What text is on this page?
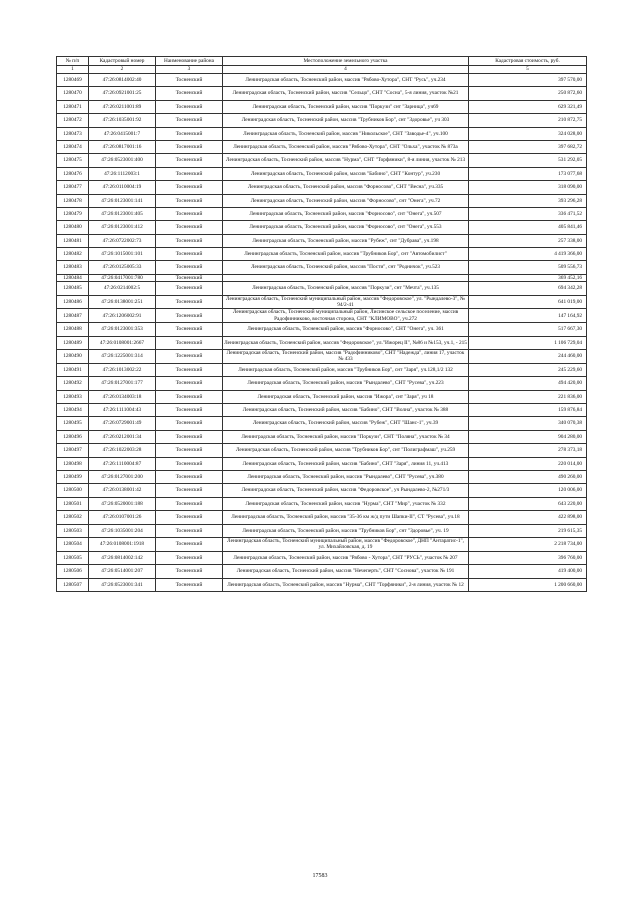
№ п/п	Кадастровый номер	Наименование района	Местоположение земельного участка	Кадастровая стоимость, руб.
1	2	3	4	5
1280469	47:26:0814002:40	Тосненский	Ленинградская область, Тосненский район, массив "Рябово-Хутора", СНТ "Русь", уч.234	397 570,00
1280470	47:26:0921001:25	Тосненский	Ленинградская область, Тосненский район, массив "Сельцо", СНТ "Сосна", 5-я линия, участок №21	250 872,60
1280471	47:26:0211001:89	Тосненский	Ленинградская область, Тосненский район, массив "Поркузи" снт "Зарница", уч69	629 321,49
1280472	47:26:1035001:92	Тосненский	Ленинградская область, Тосненский район, массив "Трубников Бор", снт "Здоровье", уч 303	210 872,75
1280473	47:26:0415001:7	Тосненский	Ленинградская область, Тосненский район, массив "Никольское", СНТ "Заводье-4", уч.100	324 028,00
1280474	47:26:0817001:16	Тосненский	Ленинградская область, Тосненский район, массив "Рябово-Хутора", СНТ "Ольха", участок № 873а	397 682,72
1280475	47:26:0523001:400	Тосненский	Ленинградская область, Тосненский район, массив "Нурма", СНТ "Торфяники", 8-я линия, участок № 213	531 292,05
1280476	47:26:1112003:1	Тосненский	Ленинградская область, Тосненский район, массив "Бабино", СНТ "Контур", уч.230	173 077,68
1280477	47:26:0110004:19	Тосненский	Ленинградская область, Тосненский район, массив "Форносово", СНТ "Весна", уч.335	318 090,00
1280478	47:26:0123001:141	Тосненский	Ленинградская область, Тосненский район, массив "Форносово", снт "Онега", уч.72	393 296,28
1280479	47:26:0123001:405	Тосненский	Ленинградская область, Тосненский район, массив "Форносово", снт "Онега", уч.507	336 471,52
1280480	47:26:0123001:412	Тосненский	Ленинградская область, Тосненский район, массив "Форносово", снт "Онега", уч.553	405 841,46
1280481	47:26:0722002:73	Тосненский	Ленинградская область, Тосненский район, массив "Рубеж", снт "Дубрава", уч.198	257 338,00
1280482	47:26:1015001:101	Тосненский	Ленинградская область, Тосненский район, массив "Трубников Бор", снт "Автомобилист"	4 419 366,00
1280483	47:26:0125005:33	Тосненский	Ленинградская область, Тосненский район, массив "Пости", снт "Родничок", уч.523	509 556,73
1280484	47:26:0417001:780	Тосненский		369 452,16
1280485	47:26:0214002:5	Тосненский	Ленинградская область, Тосненский район, массив "Поркузи", снт "Мечта", уч.135	694 342,28
1280486	47:26:0138001:251	Тосненский	Ленинградская область, Тосненский муниципальный район, массив "Федоровское", ул. "Рындалево-3", № 94/2-41	641 019,00
1280487	47:26:1206002:91	Тосненский	Ленинградская область, Тосненский муниципальный район, Лисинское сельское поселение, массив Радофинниково, восточная сторона, СНТ "КЛИМОВО", уч.272	147 164,92
1280488	47:26:0123001:353	Тосненский	Ленинградская область, Тосненский район, массив "Форносово", СНТ "Онега", уч. 361	517 667,30
1280489	47:26:0108001:2667	Тосненский	Ленинградская область, Тосненский район, массив "Федоровское", ул."Ижорец II", №86 и №153, уч.1, - 215	1 106 729,04
1280490	47:26:1225001:314	Тосненский	Ленинградская область, Тосненский район, массив "Радофинниково", СНТ "Надежда", линия 17, участок № 433	244 460,00
1280491	47:26:1013002:22	Тосненский	Ленинградская область, Тосненский район, массив "Трубников Бор", снт "Заря", уч.128,1/2 132	245 229,60
1280492	47:26:0127001:177	Тосненский	Ленинградская область, Тосненский район, массив "Рындалево", СНТ "Русева", уч.223	494 420,00
1280493	47:26:0134003:18	Тосненский	Ленинградская область, Тосненский район, массив "Ижора", снт "Заря", уч 18	221 836,00
1280494	47:26:1111004:43	Тосненский	Ленинградская область, Тосненский район, массив "Бабино", СНТ "Волна", участок № 388	159 876,84
1280495	47:26:0729001:49	Тосненский	Ленинградская область, Тосненский район, массив "Рубеж", СНТ "Шанс-1", уч.39	340 070,38
1280496	47:26:0212001:34	Тосненский	Ленинградская область, Тосненский район, массив "Поркузи", СНТ "Поляна", участок № 34	904 280,00
1280497	47:26:1022003:28	Тосненский	Ленинградская область, Тосненский район, массив "Трубников Бор", снт "Полиграфмаш", уч.259	278 373,18
1280498	47:26:1110004:87	Тосненский	Ленинградская область, Тосненский район, массив "Бабино", СНТ "Заря", линия 11, уч.413	220 014,00
1280499	47:26:0127001:200	Тосненский	Ленинградская область, Тосненский район, массив "Рындалево", СНТ "Русева", уч.380	490 260,00
1280500	47:26:0138001:42	Тосненский	Ленинградская область, Тосненский район, массив "Федоровское", уч Рындалево-2, №271/3	120 006,00
1280501	47:26:0520001:188	Тосненский	Ленинградская область, Тосненский район, массив "Нурма", СНТ "Мир", участок № 332	643 220,00
1280502	47:26:0107001:26	Тосненский	Ленинградская область, Тосненский район, массив "35-36 км ж/д пути Шапки-II", СТ "Русева", уч.18	422 898,00
1280503	47:26:1035001:204	Тосненский	Ленинградская область, Тосненский район, массив "Трубников Бор", снт "Здоровье", уч. 19	219 615,35
1280504	47:26:0108001:1918	Тосненский	Ленинградская область, Тосненский муниципальный район, массив "Федоровское", ДНП "Антаратис-1", ул. Михайловская, д. 19	2 218 734,00
1280505	47:26:0814002:142	Тосненский	Ленинградская область, Тосненский район, массив "Рябово - Хутора", СНТ "РУСЬ", участок № 207	396 760,00
1280506	47:26:0514001:207	Тосненский	Ленинградская область, Тосненский район, массив "Нечеперть", СНТ "Соснова", участок № 191	419 400,00
1280507	47:26:0523001:341	Тосненский	Ленинградская область, Тосненский район, массив "Нурма", СНТ "Торфяники", 2-я линия, участок № 12	1 200 660,00
17583
